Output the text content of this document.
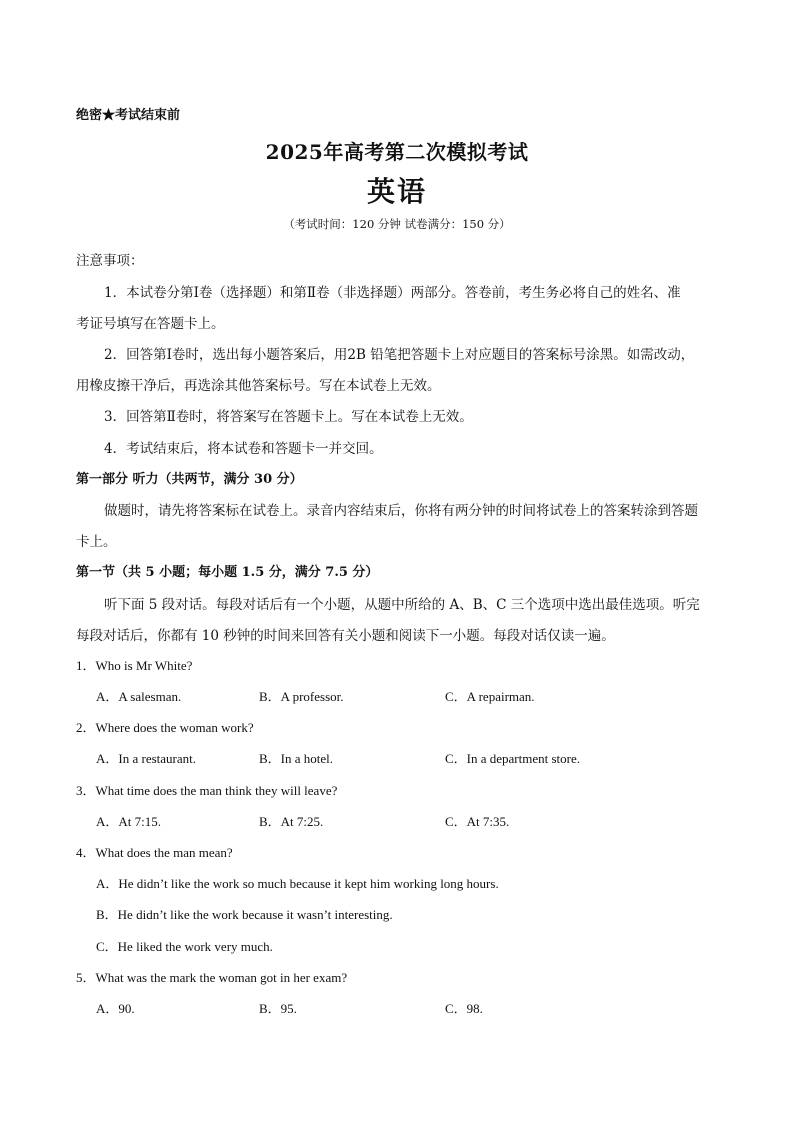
绝密★考试结束前
2025年高考第二次模拟考试
英语
（考试时间：120 分钟 试卷满分：150 分）
注意事项：
1．本试卷分第Ⅰ卷（选择题）和第Ⅱ卷（非选择题）两部分。答卷前，考生务必将自己的姓名、准
考证号填写在答题卡上。
2．回答第Ⅰ卷时，选出每小题答案后，用2B 铅笔把答题卡上对应题目的答案标号涂黑。如需改动，
用橡皮擦干净后，再选涂其他答案标号。写在本试卷上无效。
3．回答第Ⅱ卷时，将答案写在答题卡上。写在本试卷上无效。
4．考试结束后，将本试卷和答题卡一并交回。
第一部分 听力（共两节，满分 30 分）
做题时，请先将答案标在试卷上。录音内容结束后，你将有两分钟的时间将试卷上的答案转涂到答题
卡上。
第一节（共 5 小题；每小题 1.5 分，满分 7.5 分）
听下面 5 段对话。每段对话后有一个小题，从题中所给的 A、B、C 三个选项中选出最佳选项。听完
每段对话后，你都有 10 秒钟的时间来回答有关小题和阅读下一小题。每段对话仅读一遍。
1．Who is Mr White?
A．A salesman.	B．A professor.	C．A repairman.
2．Where does the woman work?
A．In a restaurant.	B．In a hotel.	C．In a department store.
3．What time does the man think they will leave?
A．At 7:15.	B．At 7:25.	C．At 7:35.
4．What does the man mean?
A．He didn’t like the work so much because it kept him working long hours.
B．He didn’t like the work because it wasn’t interesting.
C．He liked the work very much.
5．What was the mark the woman got in her exam?
A．90.	B．95.	C．98.
